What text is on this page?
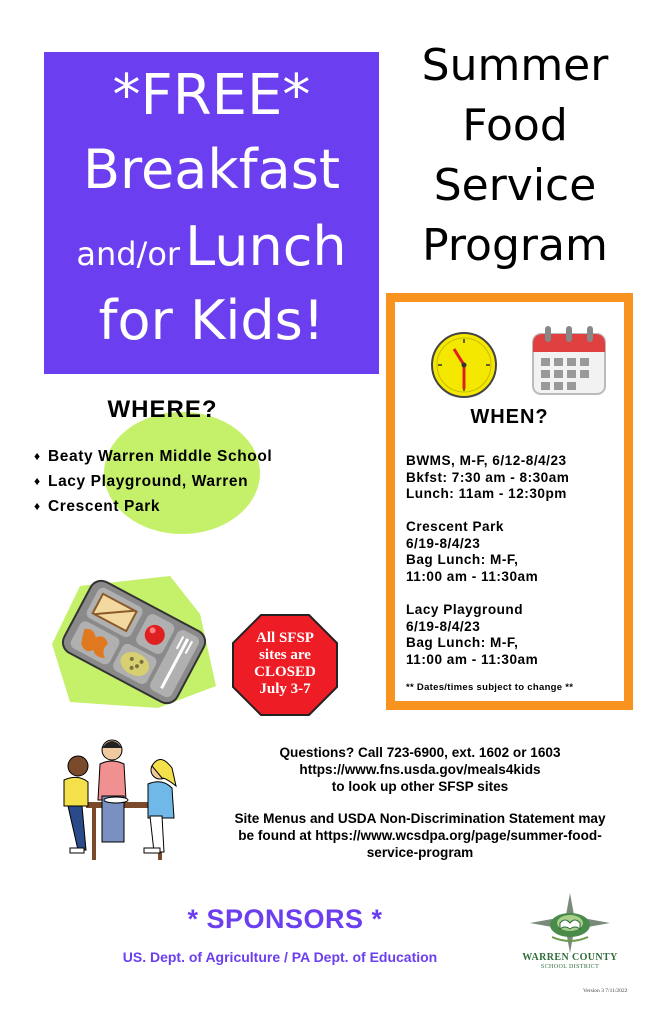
*FREE*
Breakfast
and/or Lunch
for Kids!
Summer
Food
Service
Program
WHERE?
♦ Beaty Warren Middle School
♦ Lacy Playground, Warren
♦ Crescent Park
WHEN?
BWMS, M-F, 6/12-8/4/23
Bkfst: 7:30 am - 8:30am
Lunch: 11am - 12:30pm
Crescent Park
6/19-8/4/23
Bag Lunch: M-F,
11:00 am - 11:30am
Lacy Playground
6/19-8/4/23
Bag Lunch: M-F,
11:00 am - 11:30am
** Dates/times subject to change **
All SFSP
sites are
CLOSED
July 3-7

Questions? Call 723-6900, ext. 1602 or 1603

https://www.fns.usda.gov/meals4kids

to look up other SFSP sites

Site Menus and USDA Non-Discrimination Statement may

be found at https://www.wcsdpa.org/page/summer-food-

service-program

* SPONSORS *
US. Dept. of Agriculture / PA Dept. of Education	WARREN COUNTY
SCHOOL DISTRICT
Version 3 7/11/2022
